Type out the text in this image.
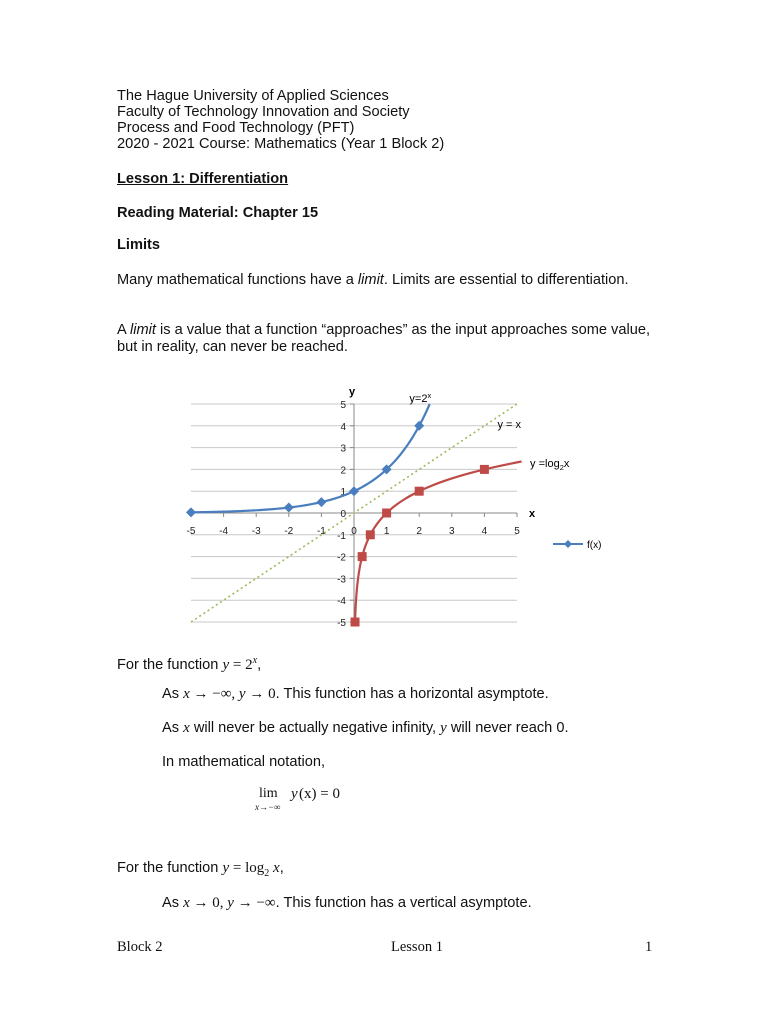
The Hague University of Applied Sciences
Faculty of Technology Innovation and Society
Process and Food Technology (PFT)
2020 - 2021 Course: Mathematics (Year 1 Block 2)
Lesson 1: Differentiation
Reading Material: Chapter 15
Limits
Many mathematical functions have a limit. Limits are essential to differentiation.
A limit is a value that a function “approaches” as the input approaches some value, but in reality, can never be reached.
-5 -4 -3 -2 -1	0	1	2	3	4	5
-5
-4
-3
-2
-1
1
2
3
4
5
0
y
x
$y=2^x$
y = x
$y =\log_2x$
f(x)
For the function $y = 2^x$,
As x → −∞, y → 0. This function has a horizontal asymptote.
As x will never be actually negative infinity, y will never reach 0.
In mathematical notation,
lim
x→−∞
y (x) = 0
For the function $y = \log_2 x$,
As x → 0, y → −∞. This function has a vertical asymptote.
Block 2	Lesson 1	1
